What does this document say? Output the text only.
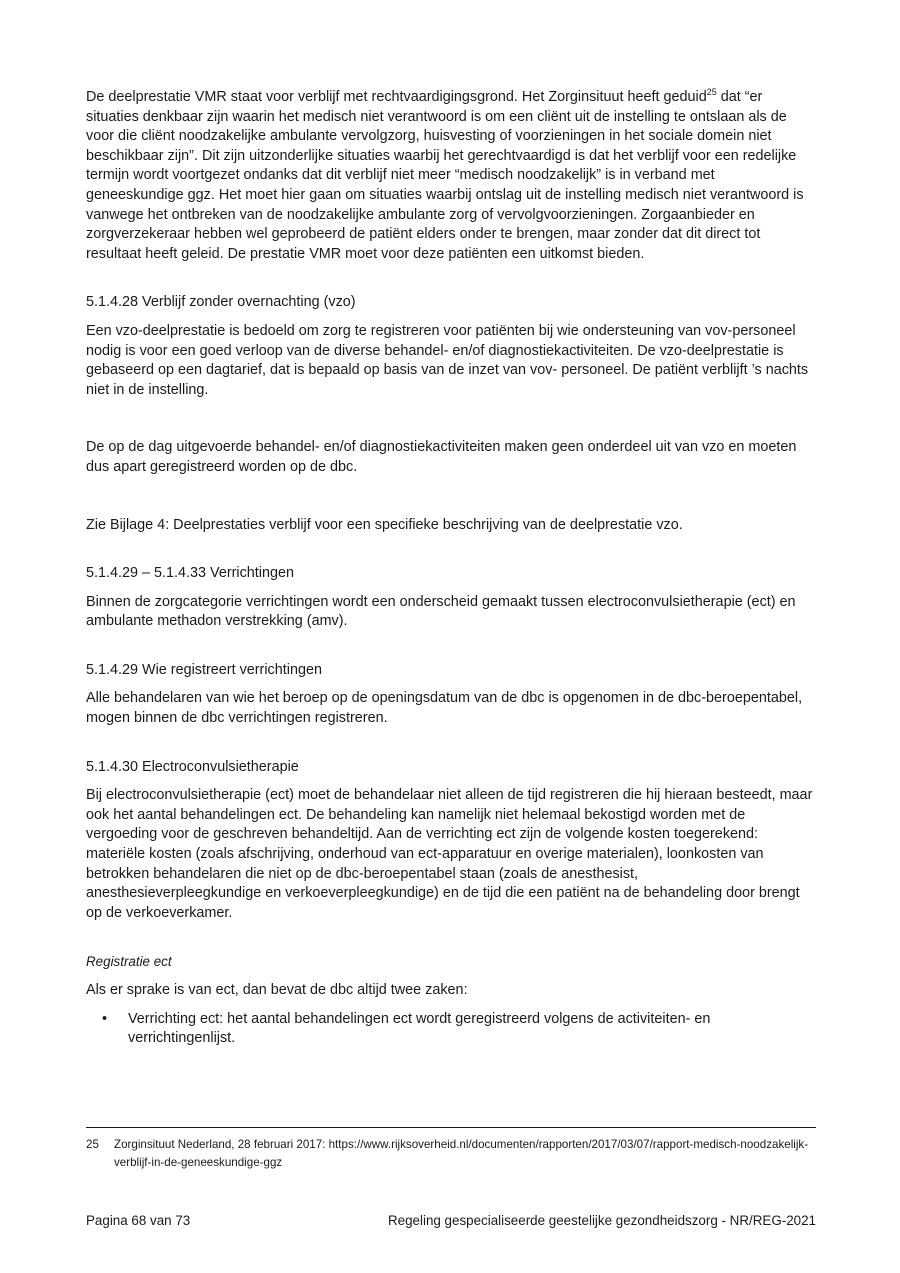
De deelprestatie VMR staat voor verblijf met rechtvaardigingsgrond. Het Zorginsituut heeft geduid$^{25}$ dat “er situaties denkbaar zijn waarin het medisch niet verantwoord is om een cliënt uit de instelling te ontslaan als de voor die cliënt noodzakelijke ambulante vervolgzorg, huisvesting of voorzieningen in het sociale domein niet beschikbaar zijn”. Dit zijn uitzonderlijke situaties waarbij het gerechtvaardigd is dat het verblijf voor een redelijke termijn wordt voortgezet ondanks dat dit verblijf niet meer “medisch noodzakelijk” is in verband met geneeskundige ggz. Het moet hier gaan om situaties waarbij ontslag uit de instelling medisch niet verantwoord is vanwege het ontbreken van de noodzakelijke ambulante zorg of vervolgvoorzieningen. Zorgaanbieder en zorgverzekeraar hebben wel geprobeerd de patiënt elders onder te brengen, maar zonder dat dit direct tot resultaat heeft geleid. De prestatie VMR moet voor deze patiënten een uitkomst bieden.

5.1.4.28 Verblijf zonder overnachting (vzo)

Een vzo-deelprestatie is bedoeld om zorg te registreren voor patiënten bij wie ondersteuning van vov-personeel nodig is voor een goed verloop van de diverse behandel- en/of diagnostiekactiviteiten. De vzo-deelprestatie is gebaseerd op een dagtarief, dat is bepaald op basis van de inzet van vov- personeel. De patiënt verblijft ’s nachts niet in de instelling.

De op de dag uitgevoerde behandel- en/of diagnostiekactiviteiten maken geen onderdeel uit van vzo en moeten dus apart geregistreerd worden op de dbc.

Zie Bijlage 4: Deelprestaties verblijf voor een specifieke beschrijving van de deelprestatie vzo.

5.1.4.29 – 5.1.4.33 Verrichtingen

Binnen de zorgcategorie verrichtingen wordt een onderscheid gemaakt tussen electroconvulsietherapie (ect) en ambulante methadon verstrekking (amv).

5.1.4.29 Wie registreert verrichtingen

Alle behandelaren van wie het beroep op de openingsdatum van de dbc is opgenomen in de dbc-beroepentabel, mogen binnen de dbc verrichtingen registreren.

5.1.4.30 Electroconvulsietherapie

Bij electroconvulsietherapie (ect) moet de behandelaar niet alleen de tijd registreren die hij hieraan besteedt, maar ook het aantal behandelingen ect. De behandeling kan namelijk niet helemaal bekostigd worden met de vergoeding voor de geschreven behandeltijd. Aan de verrichting ect zijn de volgende kosten toegerekend: materiële kosten (zoals afschrijving, onderhoud van ect-apparatuur en overige materialen), loonkosten van betrokken behandelaren die niet op de dbc-beroepentabel staan (zoals de anesthesist, anesthesieverpleegkundige en verkoeverpleegkundige) en de tijd die een patiënt na de behandeling door brengt op de verkoeverkamer.

Registratie ect

Als er sprake is van ect, dan bevat de dbc altijd twee zaken:

• Verrichting ect: het aantal behandelingen ect wordt geregistreerd volgens de activiteiten- en verrichtingenlijst.
25	Zorginsituut Nederland, 28 februari 2017: https://www.rijksoverheid.nl/documenten/rapporten/2017/03/07/rapport-medisch-noodzakelijk-verblijf-in-de-geneeskundige-ggz
Pagina 68 van 73	Regeling gespecialiseerde geestelijke gezondheidszorg - NR/REG-2021
